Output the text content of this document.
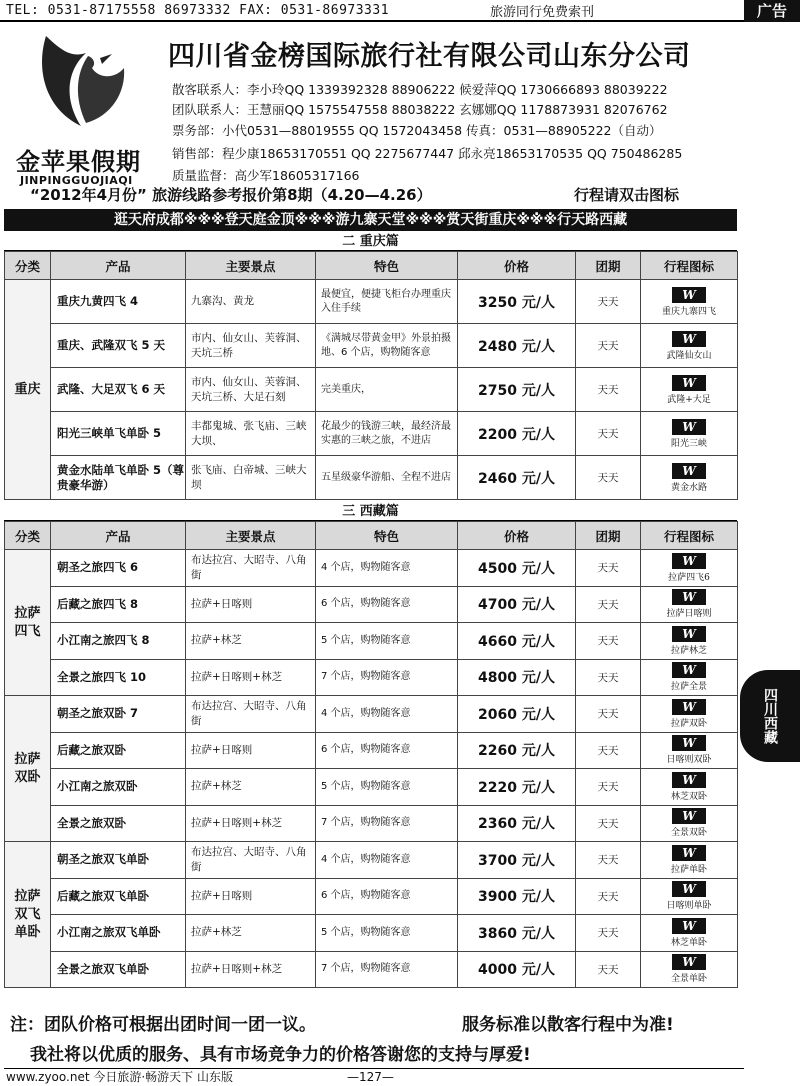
TEL: 0531-87175558 86973332 FAX: 0531-86973331	旅游同行免费索刊	广告
金苹果假期
JINPINGGUOJIAQI
四川省金榜国际旅行社有限公司山东分公司
散客联系人：李小玲QQ 1339392328 88906222 候爱萍QQ 1730666893 88039222
团队联系人：王慧丽QQ 1575547558 88038222 玄娜娜QQ 1178873931 82076762
票务部：小代0531—88019555 QQ 1572043458 传真：0531—88905222（自动）
销售部：程少康18653170551 QQ 2275677447 邱永亮18653170535 QQ 750486285
质量监督：高少军18605317166
“2012年4月份” 旅游线路参考报价第8期（4.20—4.26）	行程请双击图标
逛天府成都※※※登天庭金顶※※※游九寨天堂※※※赏天街重庆※※※行天路西藏
二 重庆篇
分类	产品	主要景点	特色	价格	团期	行程图标
重庆	重庆九黄四飞 4	九寨沟、黄龙	最便宜，便捷飞柜台办理重庆入住手续	3250 元/人	天天	W
重庆九寨四飞

	重庆、武隆双飞 5 天	市内、仙女山、芙蓉洞、天坑三桥	《满城尽带黄金甲》外景拍摄地、6 个店，购物随客意	2480 元/人	天天	W
武隆仙女山

	武隆、大足双飞 6 天	市内、仙女山、芙蓉洞、天坑三桥、大足石刻	完美重庆，	2750 元/人	天天	W
武隆+大足

	阳光三峡单飞单卧 5	丰都鬼城、张飞庙、三峡大坝、	花最少的钱游三峡，最经济最实惠的三峡之旅，不进店	2200 元/人	天天	W
阳光三峡

	黄金水陆单飞单卧 5（尊贵豪华游）	张飞庙、白帝城、三峡大坝	五星级豪华游船、全程不进店	2460 元/人	天天	W
黄金水路
三 西藏篇
分类	产品	主要景点	特色	价格	团期	行程图标
拉萨
四飞	朝圣之旅四飞 6	布达拉宫、大昭寺、八角街	4 个店，购物随客意	4500 元/人	天天	W
拉萨四飞6

	后藏之旅四飞 8	拉萨+日喀则	6 个店，购物随客意	4700 元/人	天天	W
拉萨日喀则

	小江南之旅四飞 8	拉萨+林芝	5 个店，购物随客意	4660 元/人	天天	W
拉萨林芝

	全景之旅四飞 10	拉萨+日喀则+林芝	7 个店，购物随客意	4800 元/人	天天	W
拉萨全景

拉萨
双卧	朝圣之旅双卧 7	布达拉宫、大昭寺、八角街	4 个店，购物随客意	2060 元/人	天天	W
拉萨双卧

	后藏之旅双卧	拉萨+日喀则	6 个店，购物随客意	2260 元/人	天天	W
日喀则双卧

	小江南之旅双卧	拉萨+林芝	5 个店，购物随客意	2220 元/人	天天	W
林芝双卧

	全景之旅双卧	拉萨+日喀则+林芝	7 个店，购物随客意	2360 元/人	天天	W
全景双卧

拉萨
双飞
单卧	朝圣之旅双飞单卧	布达拉宫、大昭寺、八角街	4 个店，购物随客意	3700 元/人	天天	W
拉萨单卧

	后藏之旅双飞单卧	拉萨+日喀则	6 个店，购物随客意	3900 元/人	天天	W
日喀则单卧

	小江南之旅双飞单卧	拉萨+林芝	5 个店，购物随客意	3860 元/人	天天	W
林芝单卧

	全景之旅双飞单卧	拉萨+日喀则+林芝	7 个店，购物随客意	4000 元/人	天天	W
全景单卧
四川西藏
注：团队价格可根据出团时间一团一议。	服务标准以散客行程中为准!
我社将以优质的服务、具有市场竞争力的价格答谢您的支持与厚爱!
www.zyoo.net 今日旅游·畅游天下 山东版	—127—
